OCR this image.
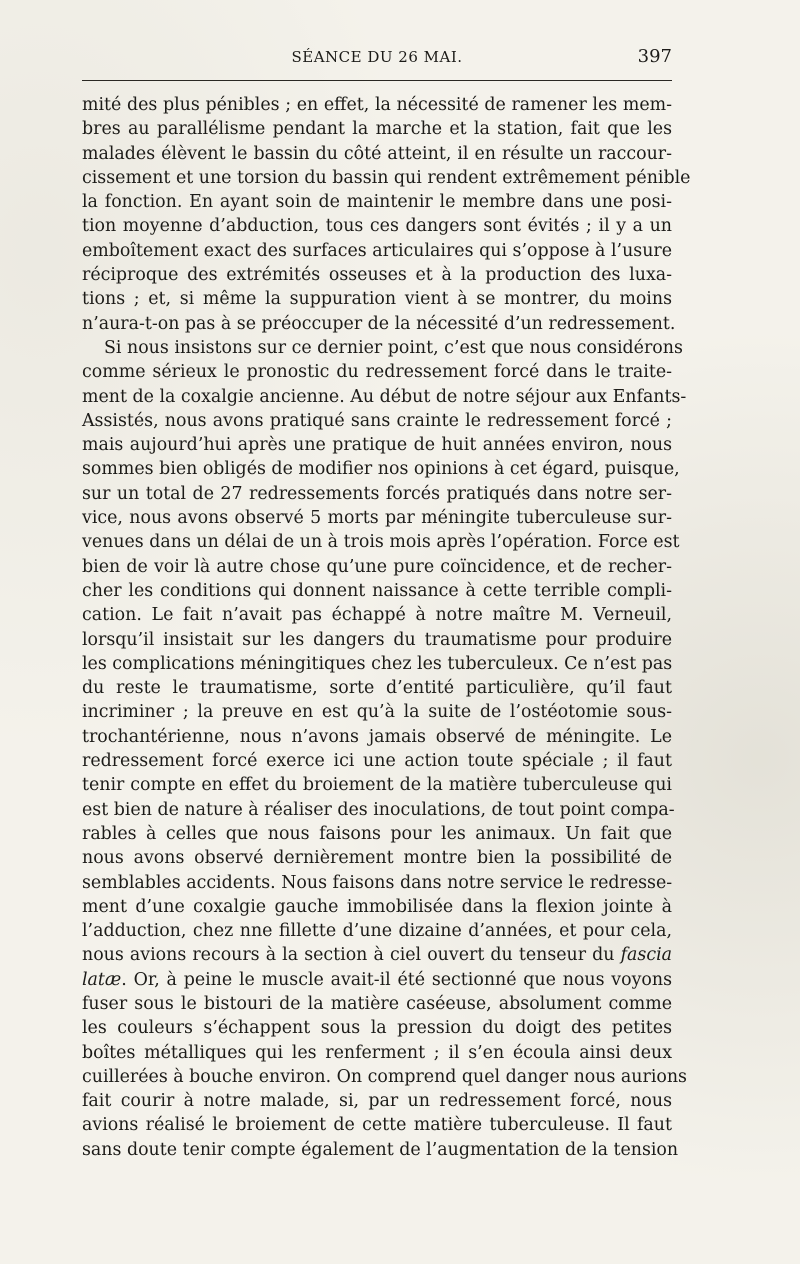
SÉANCE DU 26 MAI.	397
mité des plus pénibles ; en effet, la nécessité de ramener les mem-
bres au parallélisme pendant la marche et la station, fait que les
malades élèvent le bassin du côté atteint, il en résulte un raccour-
cissement et une torsion du bassin qui rendent extrêmement pénible
la fonction. En ayant soin de maintenir le membre dans une posi-
tion moyenne d’abduction, tous ces dangers sont évités ; il y a un
emboîtement exact des surfaces articulaires qui s’oppose à l’usure
réciproque des extrémités osseuses et à la production des luxa-
tions ; et, si même la suppuration vient à se montrer, du moins
n’aura-t-on pas à se préoccuper de la nécessité d’un redressement.
Si nous insistons sur ce dernier point, c’est que nous considérons
comme sérieux le pronostic du redressement forcé dans le traite-
ment de la coxalgie ancienne. Au début de notre séjour aux Enfants-
Assistés, nous avons pratiqué sans crainte le redressement forcé ;
mais aujourd’hui après une pratique de huit années environ, nous
sommes bien obligés de modifier nos opinions à cet égard, puisque,
sur un total de 27 redressements forcés pratiqués dans notre ser-
vice, nous avons observé 5 morts par méningite tuberculeuse sur-
venues dans un délai de un à trois mois après l’opération. Force est
bien de voir là autre chose qu’une pure coïncidence, et de recher-
cher les conditions qui donnent naissance à cette terrible compli-
cation. Le fait n’avait pas échappé à notre maître M. Verneuil,
lorsqu’il insistait sur les dangers du traumatisme pour produire
les complications méningitiques chez les tuberculeux. Ce n’est pas
du reste le traumatisme, sorte d’entité particulière, qu’il faut
incriminer ; la preuve en est qu’à la suite de l’ostéotomie sous-
trochantérienne, nous n’avons jamais observé de méningite. Le
redressement forcé exerce ici une action toute spéciale ; il faut
tenir compte en effet du broiement de la matière tuberculeuse qui
est bien de nature à réaliser des inoculations, de tout point compa-
rables à celles que nous faisons pour les animaux. Un fait que
nous avons observé dernièrement montre bien la possibilité de
semblables accidents. Nous faisons dans notre service le redresse-
ment d’une coxalgie gauche immobilisée dans la flexion jointe à
l’adduction, chez nne fillette d’une dizaine d’années, et pour cela,
nous avions recours à la section à ciel ouvert du tenseur du fascia
latæ. Or, à peine le muscle avait-il été sectionné que nous voyons
fuser sous le bistouri de la matière caséeuse, absolument comme
les couleurs s’échappent sous la pression du doigt des petites
boîtes métalliques qui les renferment ; il s’en écoula ainsi deux
cuillerées à bouche environ. On comprend quel danger nous aurions
fait courir à notre malade, si, par un redressement forcé, nous
avions réalisé le broiement de cette matière tuberculeuse. Il faut
sans doute tenir compte également de l’augmentation de la tension
